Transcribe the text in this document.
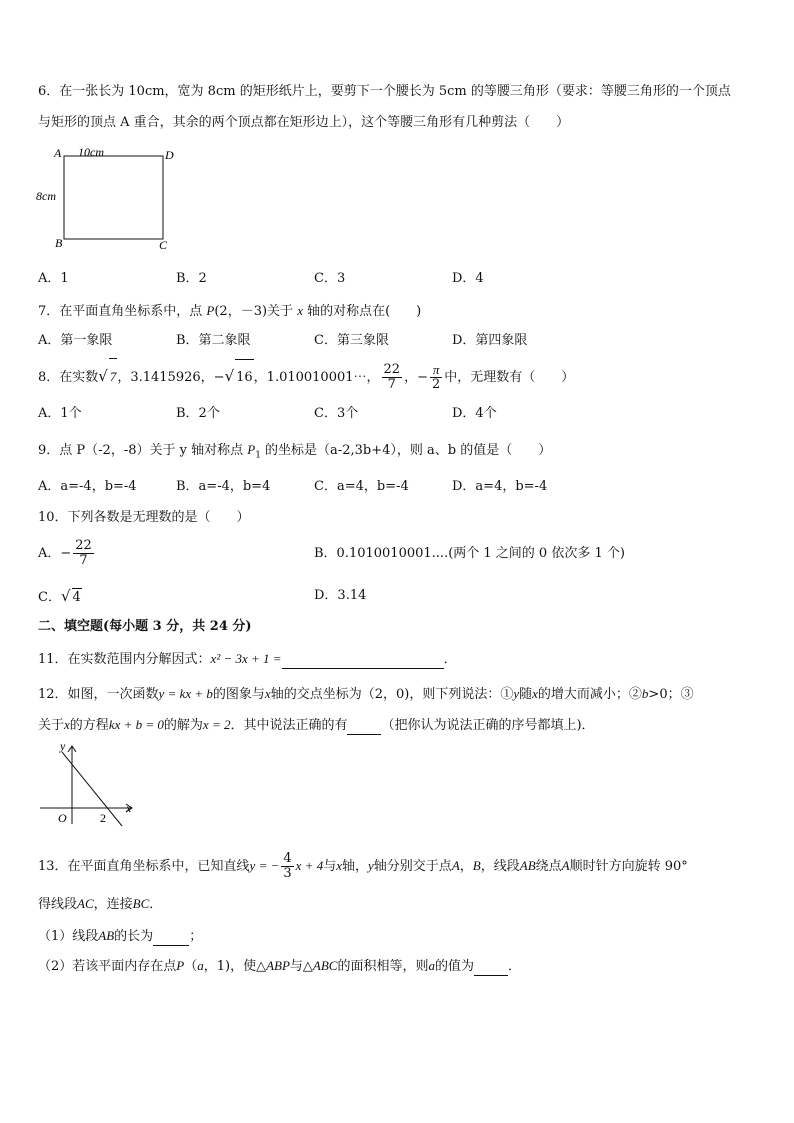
6．在一张长为 10cm，宽为 8cm 的矩形纸片上，要剪下一个腰长为 5cm 的等腰三角形（要求：等腰三角形的一个顶点
与矩形的顶点 A 重合，其余的两个顶点都在矩形边上），这个等腰三角形有几种剪法（　　）
A	D
B	C
10cm
8cm
A．1	B．2	C．3	D．4
7．在平面直角坐标系中，点 P(2，－3)关于 x 轴的对称点在(　　)
A．第一象限	B．第二象限	C．第三象限	D．第四象限
8．在实数√ 7，3.1415926，−√ 16，1.010010001⋯， $\frac{22}{7}$ ，− $\frac{\pi}{2}$ 中，无理数有（　　）
A．1个	B．2个	C．3个	D．4个
9．点 P（-2，-8）关于 y 轴对称点 $P_1$ 的坐标是（a-2,3b+4），则 a、b 的值是（　　）
A．a=-4，b=-4	B．a=-4，b=4	C．a=4，b=-4	D．a=4，b=-4
10．下列各数是无理数的是（　　）
A．− $\frac{22}{7}$	B．0.1010010001....(两个 1 之间的 0 依次多 1 个)
C．√ 4	D．3.14
二、填空题(每小题 3 分，共 24 分)
11．在实数范围内分解因式：x² − 3x + 1 =	．
12．如图，一次函数y = kx + b的图象与x轴的交点坐标为（2，0)，则下列说法：①y随x的增大而减小；②b>0；③
关于x的方程kx + b = 0的解为x = 2．其中说法正确的有	（把你认为说法正确的序号都填上)．
y
x
O	2
13．在平面直角坐标系中，已知直线y = − $\frac{4}{3}$ x + 4与x轴，y轴分别交于点A，B，线段AB绕点A顺时针方向旋转 90°
得线段AC，连接BC．
（1）线段AB的长为	；
（2）若该平面内存在点P（a，1)，使△ABP与△ABC的面积相等，则a的值为	．
